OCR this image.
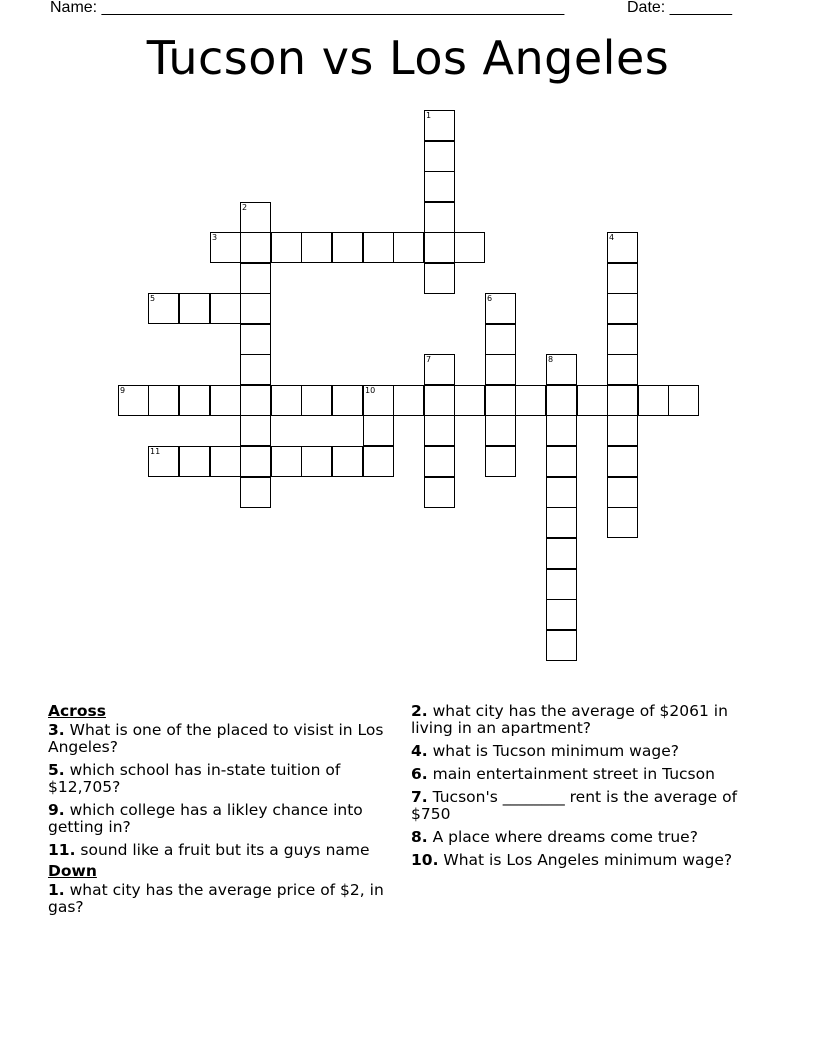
Name: ____________________________________________________	Date: _______
Tucson vs Los Angeles
1
2
3	4
5	6
7	8
9	10
11
Across
3. What is one of the placed to visist in Los Angeles?
5. which school has in-state tuition of $12,705?
9. which college has a likley chance into getting in?
11. sound like a fruit but its a guys name
Down
1. what city has the average price of $2, in gas?
2. what city has the average of $2061 in living in an apartment?
4. what is Tucson minimum wage?
6. main entertainment street in Tucson
7. Tucson's ________ rent is the average of $750
8. A place where dreams come true?
10. What is Los Angeles minimum wage?
